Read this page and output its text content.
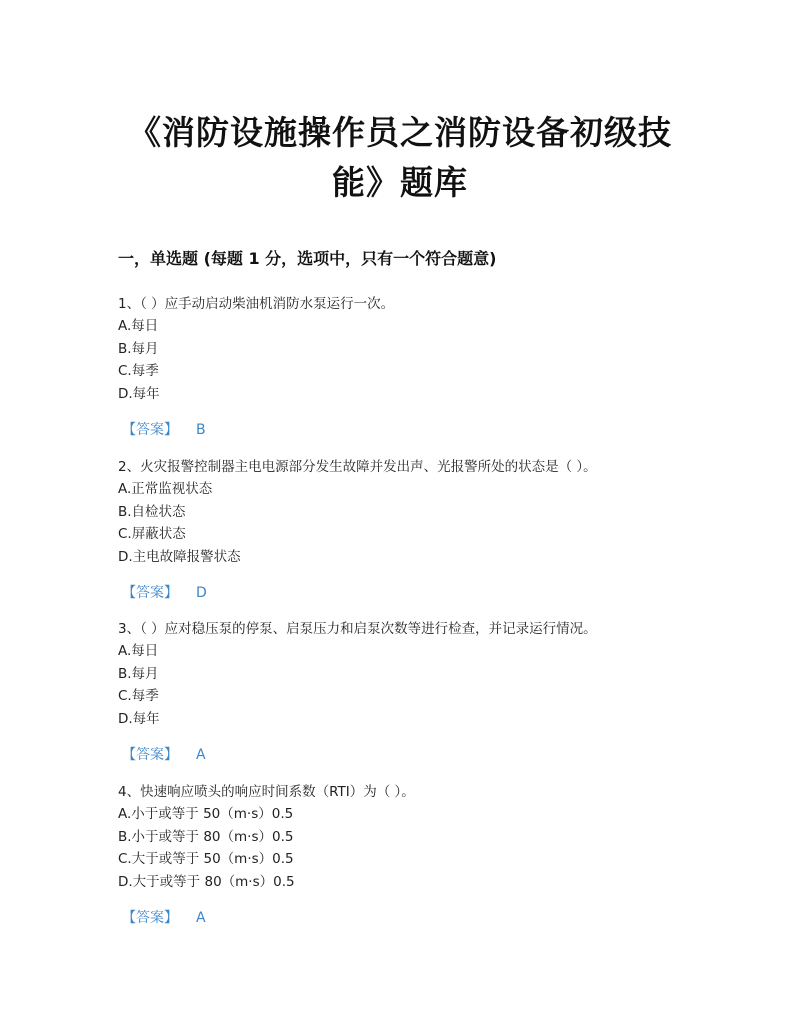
《消防设施操作员之消防设备初级技
能》题库
一，单选题 (每题 1 分，选项中，只有一个符合题意)
1、（ ）应手动启动柴油机消防水泵运行一次。
A.每日
B.每月
C.每季
D.每年
【答案】 B
2、火灾报警控制器主电电源部分发生故障并发出声、光报警所处的状态是（ ）。
A.正常监视状态
B.自检状态
C.屏蔽状态
D.主电故障报警状态
【答案】 D
3、（ ）应对稳压泵的停泵、启泵压力和启泵次数等进行检查，并记录运行情况。
A.每日
B.每月
C.每季
D.每年
【答案】 A
4、快速响应喷头的响应时间系数（RTI）为（ ）。
A.小于或等于 50（m·s）0.5
B.小于或等于 80（m·s）0.5
C.大于或等于 50（m·s）0.5
D.大于或等于 80（m·s）0.5
【答案】 A
